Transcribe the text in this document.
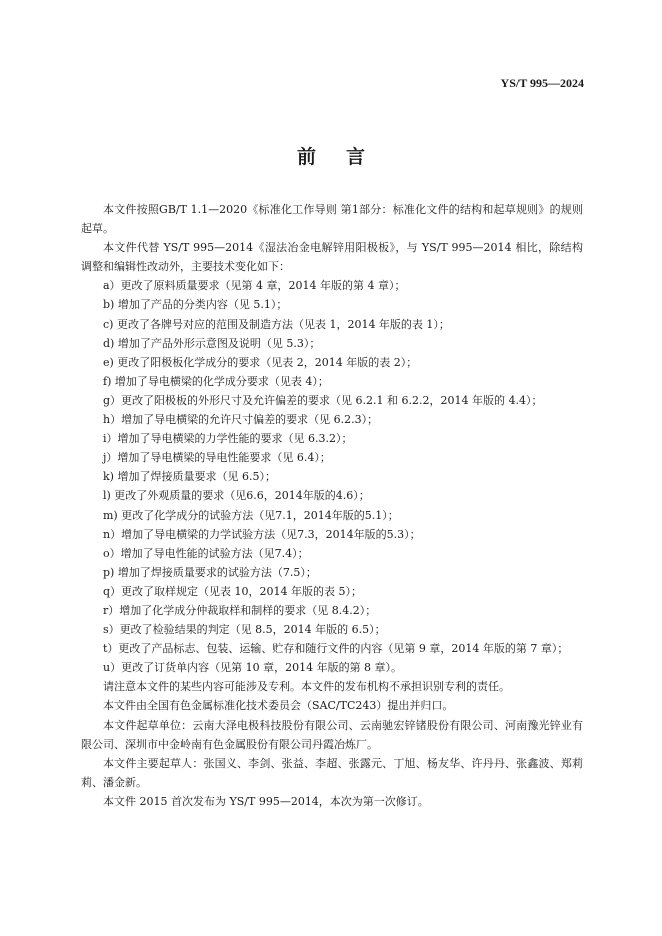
YS/T 995—2024

前言

本文件按照GB/T 1.1—2020《标准化工作导则 第1部分：标准化文件的结构和起草规则》的规则起草。

本文件代替 YS/T 995—2014《湿法冶金电解锌用阳极板》，与 YS/T 995—2014 相比，除结构调整和编辑性改动外，主要技术变化如下：

a）更改了原料质量要求（见第 4 章，2014 年版的第 4 章）；
b) 增加了产品的分类内容（见 5.1）；
c) 更改了各牌号对应的范围及制造方法（见表 1，2014 年版的表 1）；
d) 增加了产品外形示意图及说明（见 5.3）；
e) 更改了阳极板化学成分的要求（见表 2，2014 年版的表 2）；
f) 增加了导电横梁的化学成分要求（见表 4）；
g）更改了阳极板的外形尺寸及允许偏差的要求（见 6.2.1 和 6.2.2，2014 年版的 4.4）；
h）增加了导电横梁的允许尺寸偏差的要求（见 6.2.3）；
i）增加了导电横梁的力学性能的要求（见 6.3.2）；
j）增加了导电横梁的导电性能要求（见 6.4）；
k) 增加了焊接质量要求（见 6.5）；
l) 更改了外观质量的要求（见6.6，2014年版的4.6）；
m) 更改了化学成分的试验方法（见7.1，2014年版的5.1）；
n）增加了导电横梁的力学试验方法（见7.3，2014年版的5.3）；
o）增加了导电性能的试验方法（见7.4）；
p) 增加了焊接质量要求的试验方法（7.5）；
q）更改了取样规定（见表 10，2014 年版的表 5）；
r）增加了化学成分仲裁取样和制样的要求（见 8.4.2）；
s）更改了检验结果的判定（见 8.5，2014 年版的 6.5）；
t）更改了产品标志、包装、运输、贮存和随行文件的内容（见第 9 章，2014 年版的第 7 章）；
u）更改了订货单内容（见第 10 章，2014 年版的第 8 章）。

请注意本文件的某些内容可能涉及专利。本文件的发布机构不承担识别专利的责任。

本文件由全国有色金属标准化技术委员会（SAC/TC243）提出并归口。

本文件起草单位：云南大泽电极科技股份有限公司、云南驰宏锌锗股份有限公司、河南豫光锌业有限公司、深圳市中金岭南有色金属股份有限公司丹霞冶炼厂。

本文件主要起草人：张国义、李剑、张益、李超、张露元、丁旭、杨友华、许丹丹、张鑫波、郑莉莉、潘金新。

本文件 2015 首次发布为 YS/T 995—2014，本次为第一次修订。
